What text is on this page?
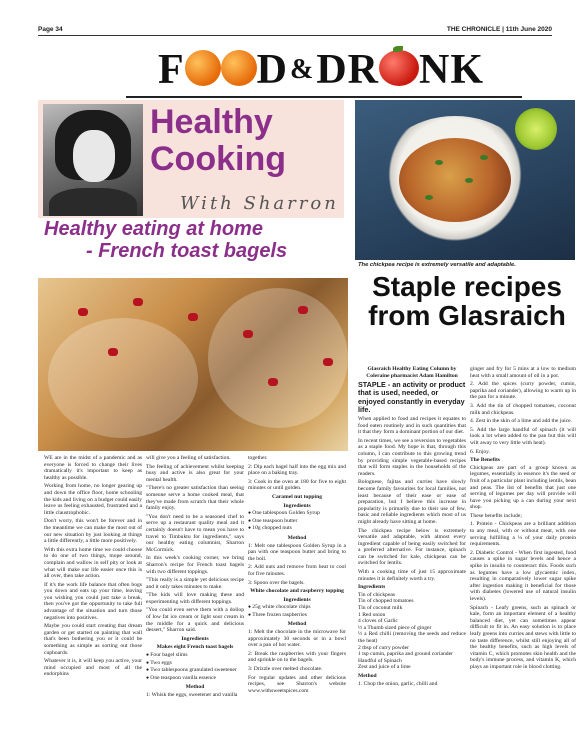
Page 34	THE CHRONICLE | 11th June 2020
F D & DR NK
Healthy
Cooking
With Sharron
Healthy eating at home
- French toast bagels

WE are in the midst of a pandemic and as everyone is forced to change their lives dramatically it's important to keep as healthy as possible.

Working from home, no longer gearing up and down the office floor, home schooling the kids and living on a budget could easily leave us feeling exhausted, frustrated and a little claustrophobic.

Don't worry, this won't be forever and in the meantime we can make the most out of our new situation by just looking at things a little differently, a little more positively.

With this extra home time we could choose to do one of two things, mope around, complain and wallow in self pity or look at what will make our life easier once this is all over, then take action.

If it's the work life balance that often bogs you down and eats up your time, leaving you wishing you could just take a break, then you've got the opportunity to take full advantage of the situation and turn those negatives into positives.

Maybe you could start creating that dream garden or get started on painting that wall that's been bothering you or it could be something as simple as sorting out those cupboards.

Whatever it is, it will keep you active, your mind occupied and most of all the endorphins

will give you a feeling of satisfaction.

The feeling of achievement whilst keeping busy and active is also great for your mental health.

"There's no greater satisfaction than seeing someone serve a home cooked meal, that they've made from scratch that their whole family enjoy.

"You don't need to be a seasoned chef to serve up a restaurant quality meal and it certainly doesn't have to mean you have to travel to Timbuktu for ingredients," says our healthy eating columnist, Sharron McCormick.

In this week's cooking corner, we bring Sharron's recipe for French toast bagels with two different toppings.

"This really is a simple yet delicious recipe and it only takes minutes to make.

"The kids will love making these and experimenting with different toppings.

"You could even serve them with a dollop of low fat ice cream or light sour cream in the middle for a quick and delicious dessert," Sharron said.

Ingredients
Makes eight French toast bagels
● Four bagel slims
● Two eggs
● Two tablespoons granulated sweetener
● One teaspoon vanilla essence
Method

1: Whisk the eggs, sweetener and vanilla

together.

2: Dip each bagel half into the egg mix and place on a baking tray.

3: Cook in the oven at 180 for five to eight minutes or until golden.

Caramel nut topping
Ingredients
● One tablespoon Golden Syrup
● One teaspoon butter
● 10g chopped nuts
Method

1: Melt one tablespoon Golden Syrup in a pan with one teaspoon butter and bring to the boil.

2: Add nuts and remove from heat to cool for five minutes.

3: Spoon over the bagels.

White chocolate and raspberry topping
Ingredients
● 25g white chocolate chips
● Three frozen raspberries
Method

1: Melt the chocolate in the microwave for approximately 30 seconds or in a bowl over a pan of hot water.

2: Break the raspberries with your fingers and sprinkle on to the bagels.

3: Drizzle over melted chocolate.

For regular updates and other delicious recipes, see Sharron's website www.withsweetspices.com

The chickpea recipe is extremely versatile and adaptable.
Staple recipes from Glasraich
Glasraich Healthy Eating Column by Coleraine pharmacist Adam Hamilton
STAPLE - an activity or product that is used, needed, or enjoyed constantly in everyday life.

When applied to food and recipes it equates to food eaten routinely and in such quantities that it that they form a dominant portion of our diet.

In recent times, we see a reversion to vegetables as a staple food. My hope is that, through this column, I can contribute to this growing trend by providing simple vegetable-based recipes that will form staples in the households of the readers.

Bolognese, fajitas and curries have slowly become family favourites for local families, not least because of their ease or ease of preparation, but I believe this increase in popularity is primarily due to their use of few, basic and reliable ingredients which most of us might already have sitting at home.

The chickpea recipe below is extremely versatile and adaptable, with almost every ingredient capable of being easily switched for a preferred alternative. For instance, spinach can be switched for kale, chickpeas can be switched for lentils.

With a cooking time of just 15 approximate minutes it is definitely worth a try.

Ingredients
Tin of chickpeas
Tin of chopped tomatoes
Tin of coconut milk
1 Red onion
4 cloves of Garlic
½ a Thumb sized piece of ginger
½ a Red chilli (removing the seeds and reduce the heat)
2 tbsp of curry powder
1 tsp cumin, paprika and ground coriander
Handful of Spinach
Zest and juice of a lime
Method

1. Chop the onion, garlic, chilli and

ginger and fry for 5 mins at a low to medium heat with a small amount of oil in a pot.

2. Add the spices (curry powder, cumin, paprika and coriander), allowing to warm up in the pan for a minute.

3. Add the tin of chopped tomatoes, coconut milk and chickpeas.

4. Zest in the skin of a lime and add the juice.

5. Add the large handful of spinach (it will look a lot when added to the pan but this will wilt away to very little with heat).

6. Enjoy.

The Benefits

Chickpeas are part of a group known as legumes, essentially in essence it's the seed or fruit of a particular plant including lentils, bean and peas. The list of benefits that just one serving of legumes per day will provide will have you picking up a can during your next shop.

These benefits include;

1. Protein - Chickpeas are a brilliant addition to any meal, with or without meat, with one serving fulfilling a ¼ of your daily protein requirements.

2. Diabetic Control - When first ingested, food causes a spike in sugar levels and hence a spike in insulin to counteract this. Foods such as legumes have a low glycaemic index, resulting in comparatively lower sugar spike after ingestion making it beneficial for those with diabetes (lowered use of natural insulin levels).

Spinach - Leafy greens, such as spinach or kale, form an important element of a healthy balanced diet, yet can sometimes appear difficult to fit in. An easy solution is to place leafy greens into curries and stews with little to no taste difference, whilst still enjoying all of the healthy benefits, such as high levels of vitamin C, which promotes skin health and the body's immune process, and vitamin K, which plays an important role in blood clotting.
